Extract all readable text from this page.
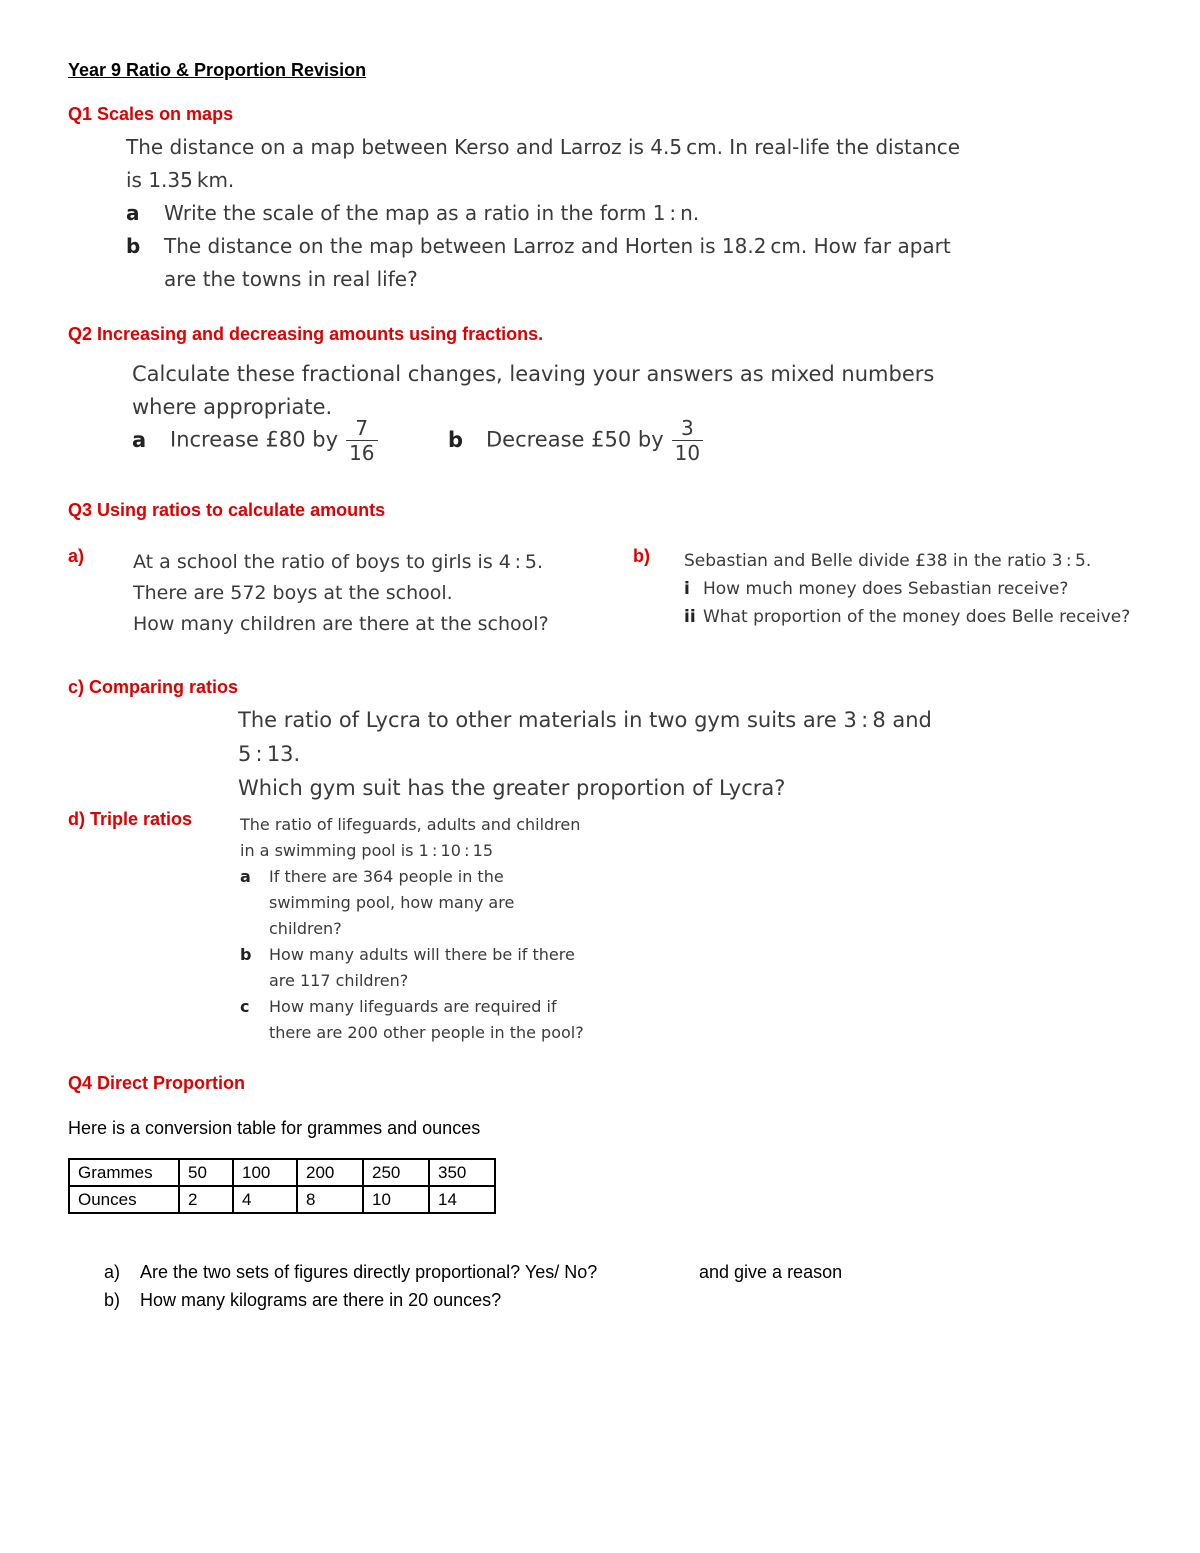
Year 9 Ratio & Proportion Revision
Q1 Scales on maps
The distance on a map between Kerso and Larroz is 4.5 cm. In real-life the distance
is 1.35 km.
a Write the scale of the map as a ratio in the form 1 : n.
b The distance on the map between Larroz and Horten is 18.2 cm. How far apart
are the towns in real life?
Q2 Increasing and decreasing amounts using fractions.
Calculate these fractional changes, leaving your answers as mixed numbers
where appropriate.
a Increase £80 by $\frac{7}{16}$	b Decrease £50 by $\frac{3}{10}$
Q3 Using ratios to calculate amounts
a)	At a school the ratio of boys to girls is 4 : 5.
There are 572 boys at the school.
How many children are there at the school?
b) Sebastian and Belle divide £38 in the ratio 3 : 5.
i How much money does Sebastian receive?
ii What proportion of the money does Belle receive?
c) Comparing ratios
The ratio of Lycra to other materials in two gym suits are 3 : 8 and
5 : 13.
Which gym suit has the greater proportion of Lycra?
d) Triple ratios	The ratio of lifeguards, adults and children
in a swimming pool is 1 : 10 : 15
a If there are 364 people in the
swimming pool, how many are
children?
b How many adults will there be if there
are 117 children?
c How many lifeguards are required if
there are 200 other people in the pool?
Q4 Direct Proportion
Here is a conversion table for grammes and ounces
Grammes	50	100	200	250	350
Ounces	2	4	8	10	14
a) Are the two sets of figures directly proportional? Yes/ No?	and give a reason
b) How many kilograms are there in 20 ounces?
